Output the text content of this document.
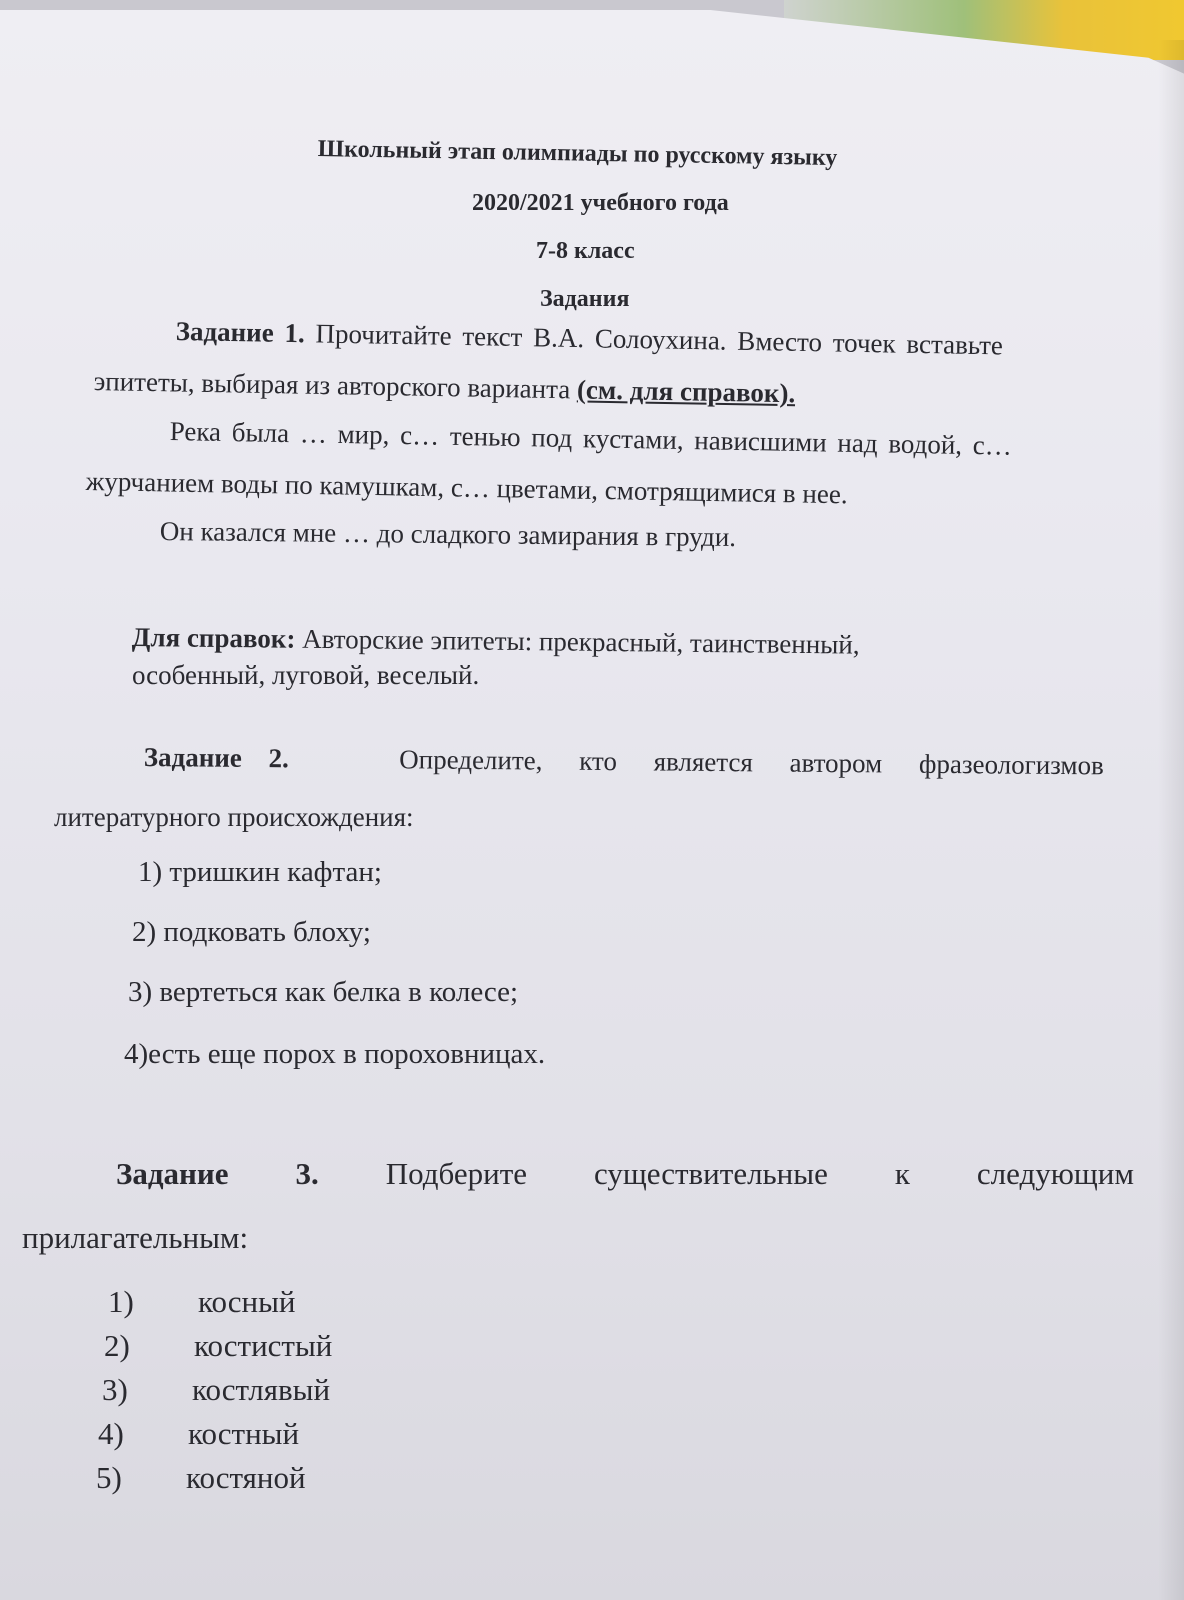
Школьный этап олимпиады по русскому языку
2020/2021 учебного года
7-8 класс
Задания
Задание 1. Прочитайте текст В.А. Солоухина. Вместо точек вставьте
эпитеты, выбирая из авторского варианта (см. для справок).
Река была … мир, с… тенью под кустами, нависшими над водой, с…
журчанием воды по камушкам, с… цветами, смотрящимися в нее.
Он казался мне … до сладкого замирания в груди.
Для справок: Авторские эпитеты: прекрасный, таинственный,
особенный, луговой, веселый.
Задание 2.	Определите, кто является автором фразеологизмов
литературного происхождения:
1) тришкин кафтан;
2) подковать блоху;
3) вертеться как белка в колесе;
4)есть еще порох в пороховницах.
Задание 3. Подберите существительные к следующим
прилагательным:
1) косный
2) костистый
3) костлявый
4) костный
5) костяной
